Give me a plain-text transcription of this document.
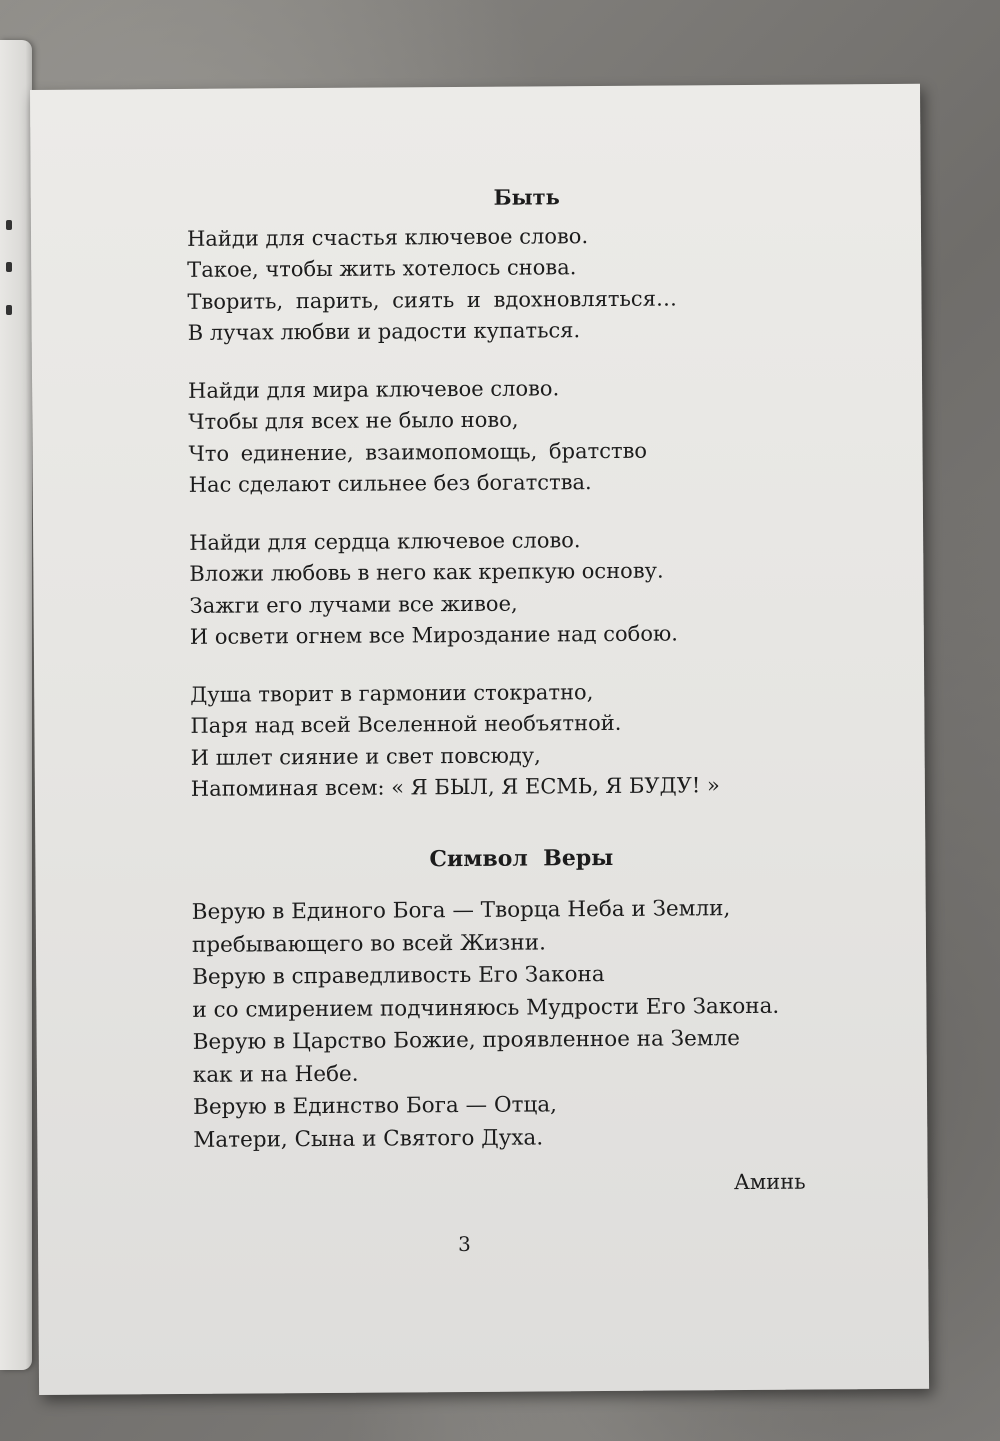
Быть
Найди для счастья ключевое слово.
Такое, чтобы жить хотелось снова.
Творить, парить, сиять и вдохновляться…
В лучах любви и радости купаться.
Найди для мира ключевое слово.
Чтобы для всех не было ново,
Что единение, взаимопомощь, братство
Нас сделают сильнее без богатства.
Найди для сердца ключевое слово.
Вложи любовь в него как крепкую основу.
Зажги его лучами все живое,
И освети огнем все Мироздание над собою.
Душа творит в гармонии стократно,
Паря над всей Вселенной необъятной.
И шлет сияние и свет повсюду,
Напоминая всем: « Я БЫЛ, Я ЕСМЬ, Я БУДУ! »
Символ  Веры
Верую в Единого Бога — Творца Неба и Земли,
пребывающего во всей Жизни.
Верую в справедливость Его Закона
и со смирением подчиняюсь Мудрости Его Закона.
Верую в Царство Божие, проявленное на Земле
как и на Небе.
Верую в Единство Бога — Отца,
Матери, Сына и Святого Духа.
Аминь
3
